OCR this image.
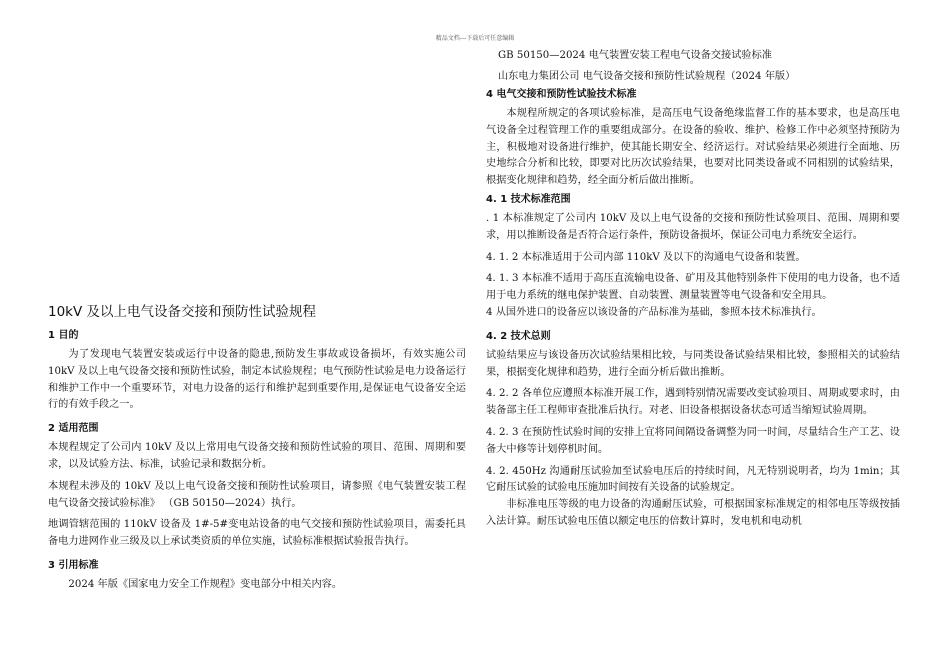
精品文档---下载后可任意编辑
10kV 及以上电气设备交接和预防性试验规程
1 目的

为了发现电气装置安装或运行中设备的隐患,预防发生事故或设备损坏，有效实施公司 10kV 及以上电气设备交接和预防性试验，制定本试验规程；电气预防性试验是电力设备运行和维护工作中一个重要环节，对电力设备的运行和维护起到重要作用,是保证电气设备安全运行的有效手段之一。

2 适用范围

本规程规定了公司内 10kV 及以上常用电气设备交接和预防性试验的项目、范围、周期和要求，以及试验方法、标准，试验记录和数据分析。

本规程未涉及的 10kV 及以上电气设备交接和预防性试验项目，请参照《电气装置安装工程电气设备交接试验标准》 （GB 50150—2024）执行。

地调管辖范围的 110kV 设备及 1#-5#变电站设备的电气交接和预防性试验项目，需委托具备电力进网作业三级及以上承试类资质的单位实施，试验标准根据试验报告执行。

3 引用标准

2024 年版《国家电力安全工作规程》变电部分中相关内容。

GB 50150—2024 电气装置安装工程电气设备交接试验标准

山东电力集团公司 电气设备交接和预防性试验规程（2024 年版）

4 电气交接和预防性试验技术标准

本规程所规定的各项试验标准，是高压电气设备绝缘监督工作的基本要求，也是高压电气设备全过程管理工作的重要组成部分。在设备的验收、维护、检修工作中必须坚持预防为主，积极地对设备进行维护，使其能长期安全、经济运行。对试验结果必须进行全面地、历史地综合分析和比较，即要对比历次试验结果，也要对比同类设备或不同相别的试验结果，根据变化规律和趋势，经全面分析后做出推断。

4. 1 技术标准范围

. 1 本标准规定了公司内 10kV 及以上电气设备的交接和预防性试验项目、范围、周期和要求，用以推断设备是否符合运行条件，预防设备损坏，保证公司电力系统安全运行。

4. 1. 2 本标准适用于公司内部 110kV 及以下的沟通电气设备和装置。

4. 1. 3 本标准不适用于高压直流输电设备、矿用及其他特别条件下使用的电力设备，也不适用于电力系统的继电保护装置、自动装置、测量装置等电气设备和安全用具。

4 从国外进口的设备应以该设备的产品标准为基础，参照本技术标准执行。

4. 2 技术总则

试验结果应与该设备历次试验结果相比较，与同类设备试验结果相比较，参照相关的试验结果，根据变化规律和趋势，进行全面分析后做出推断。

4. 2. 2 各单位应遵照本标准开展工作，遇到特别情况需要改变试验项目、周期或要求时，由装备部主任工程师审查批准后执行。对老、旧设备根据设备状态可适当缩短试验周期。

4. 2. 3 在预防性试验时间的安排上宜将同间隔设备调整为同一时间，尽量结合生产工艺、设备大中修等计划停机时间。

4. 2. 450Hz 沟通耐压试验加至试验电压后的持续时间，凡无特别说明者，均为 1min；其它耐压试验的试验电压施加时间按有关设备的试验规定。

非标准电压等级的电力设备的沟通耐压试验，可根据国家标准规定的相邻电压等级按插入法计算。耐压试验电压值以额定电压的倍数计算时，发电机和电动机
